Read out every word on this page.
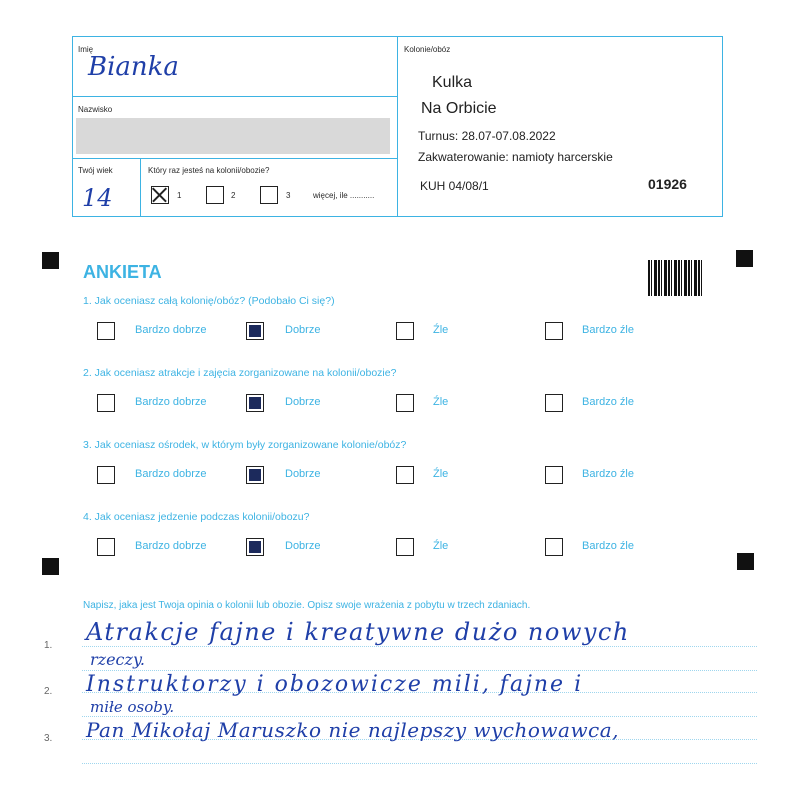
Imię
Bianka
Nazwisko
Twój wiek
14
Który raz jesteś na kolonii/obozie?
1	2	3	więcej, ile ...........
Kolonie/obóz
Kulka
Na Orbicie
Turnus: 28.07-07.08.2022
Zakwaterowanie: namioty harcerskie
KUH 04/08/1	01926
ANKIETA
1. Jak oceniasz całą kolonię/obóz? (Podobało Ci się?)
Bardzo dobrze	Dobrze	Źle	Bardzo źle
2. Jak oceniasz atrakcje i zajęcia zorganizowane na kolonii/obozie?
Bardzo dobrze	Dobrze	Źle	Bardzo źle
3. Jak oceniasz ośrodek, w którym były zorganizowane kolonie/obóz?
Bardzo dobrze	Dobrze	Źle	Bardzo źle
4. Jak oceniasz jedzenie podczas kolonii/obozu?
Bardzo dobrze	Dobrze	Źle	Bardzo źle
Napisz, jaka jest Twoja opinia o kolonii lub obozie. Opisz swoje wrażenia z pobytu w trzech zdaniach.
1.
2.
3.
Atrakcje fajne i kreatywne dużo nowych
rzeczy.
Instruktorzy i obozowicze mili, fajne i
miłe osoby.
Pan Mikołaj Maruszko nie najlepszy wychowawca,
